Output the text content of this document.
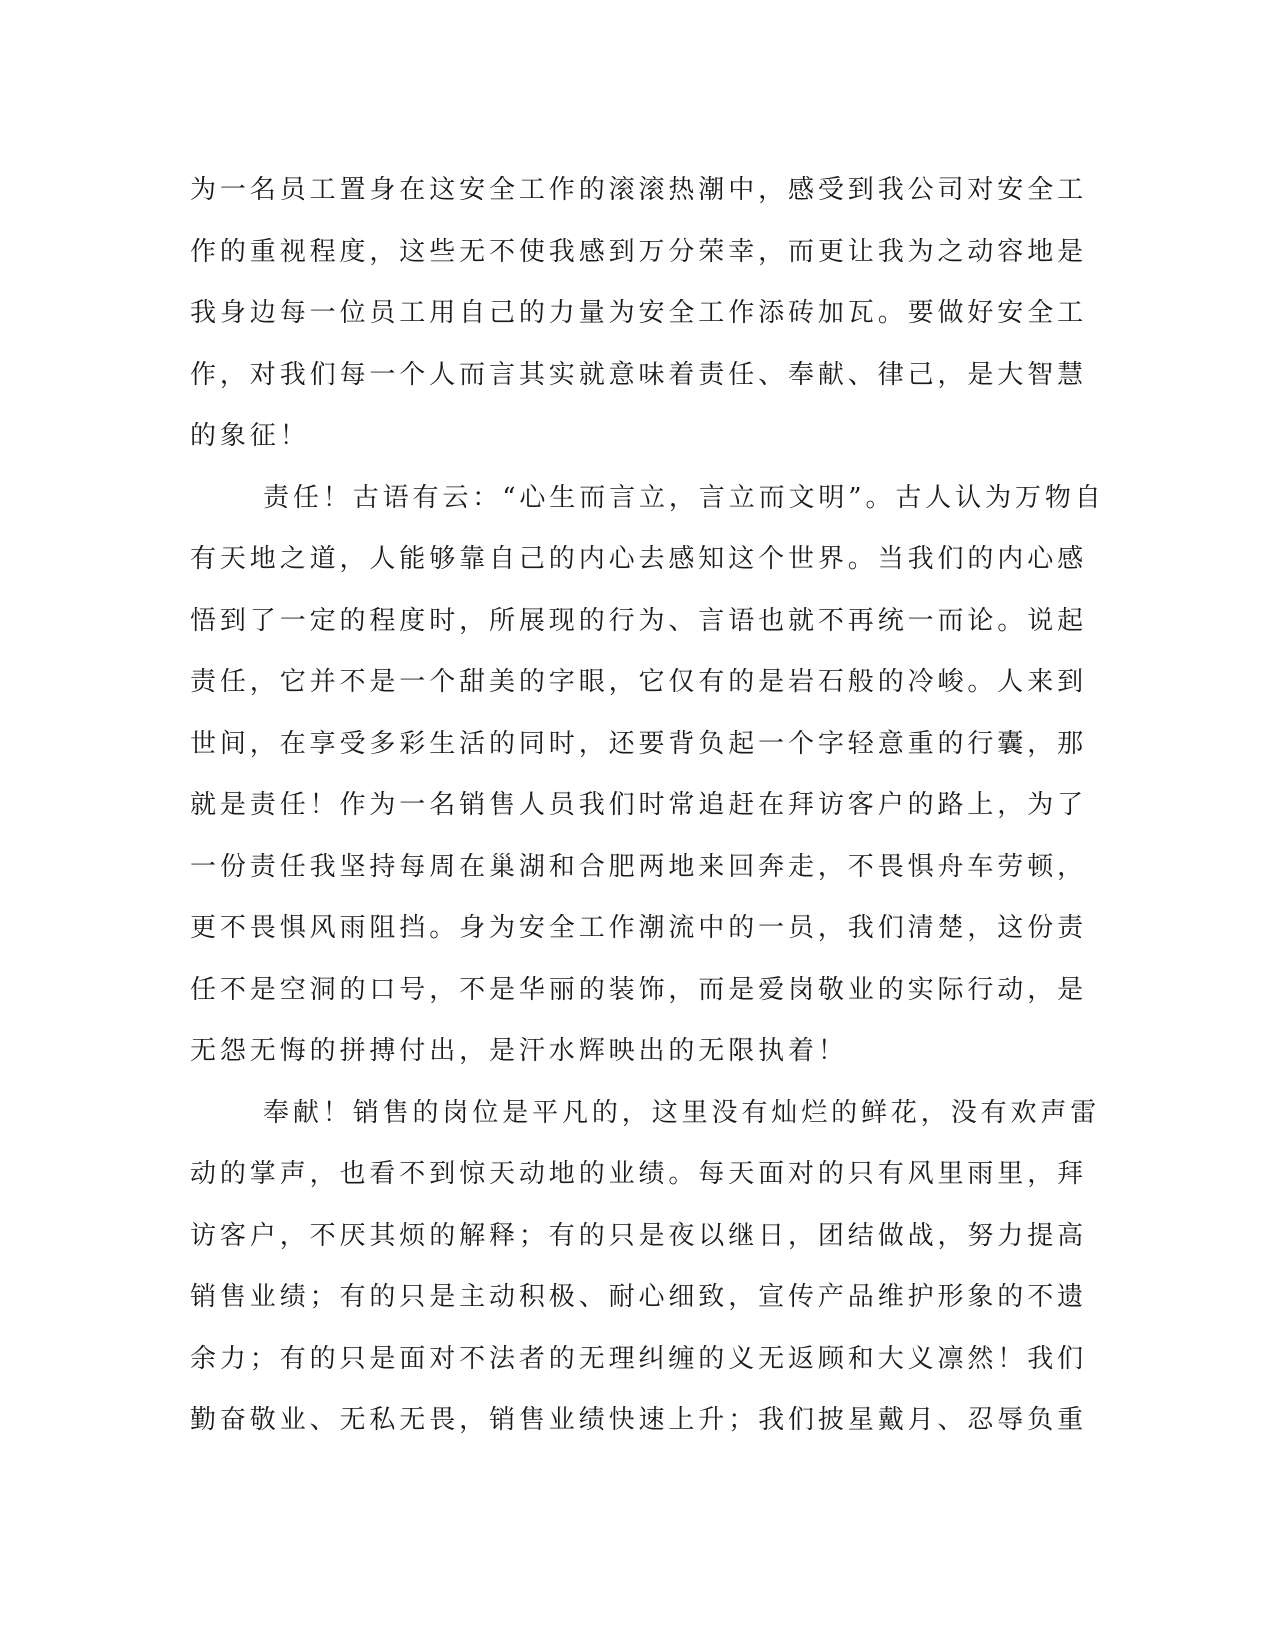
为一名员工置身在这安全工作的滚滚热潮中，感受到我公司对安全工
作的重视程度，这些无不使我感到万分荣幸，而更让我为之动容地是
我身边每一位员工用自己的力量为安全工作添砖加瓦。要做好安全工
作，对我们每一个人而言其实就意味着责任、奉献、律己，是大智慧
的象征！
责任！古语有云：“心生而言立，言立而文明”。古人认为万物自
有天地之道，人能够靠自己的内心去感知这个世界。当我们的内心感
悟到了一定的程度时，所展现的行为、言语也就不再统一而论。说起
责任，它并不是一个甜美的字眼，它仅有的是岩石般的冷峻。人来到
世间，在享受多彩生活的同时，还要背负起一个字轻意重的行囊，那
就是责任！作为一名销售人员我们时常追赶在拜访客户的路上，为了
一份责任我坚持每周在巢湖和合肥两地来回奔走，不畏惧舟车劳顿，
更不畏惧风雨阻挡。身为安全工作潮流中的一员，我们清楚，这份责
任不是空洞的口号，不是华丽的装饰，而是爱岗敬业的实际行动，是
无怨无悔的拼搏付出，是汗水辉映出的无限执着！
奉献！销售的岗位是平凡的，这里没有灿烂的鲜花，没有欢声雷
动的掌声，也看不到惊天动地的业绩。每天面对的只有风里雨里，拜
访客户，不厌其烦的解释；有的只是夜以继日，团结做战，努力提高
销售业绩；有的只是主动积极、耐心细致，宣传产品维护形象的不遗
余力；有的只是面对不法者的无理纠缠的义无返顾和大义凛然！我们
勤奋敬业、无私无畏，销售业绩快速上升；我们披星戴月、忍辱负重
